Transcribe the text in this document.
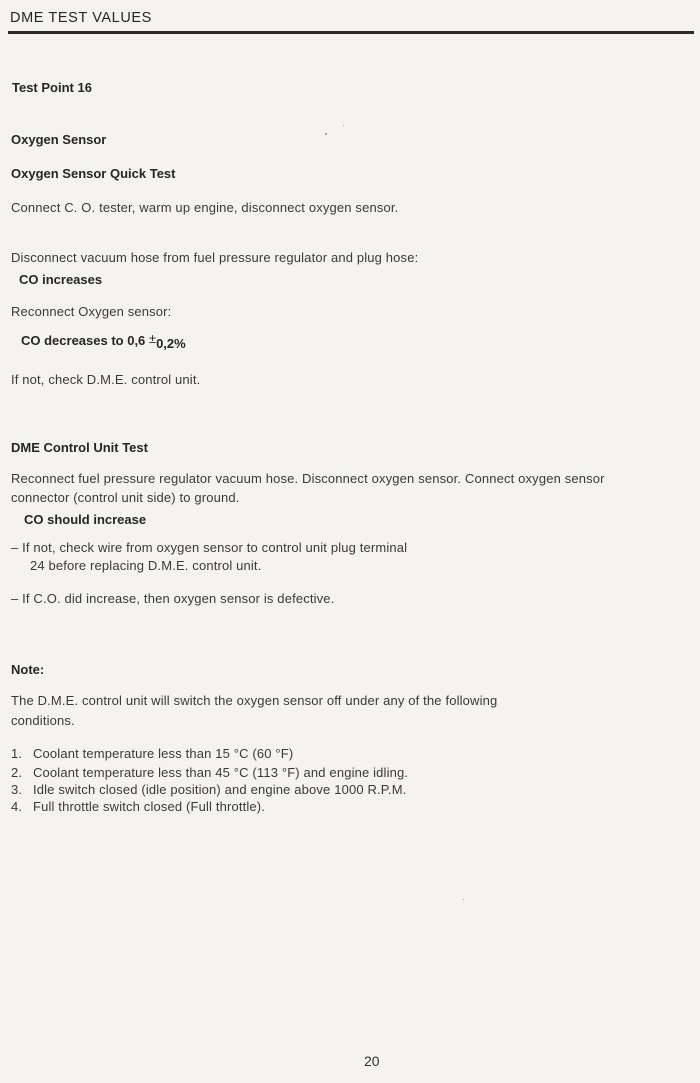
DME TEST VALUES
Test Point 16
Oxygen Sensor
Oxygen Sensor Quick Test
Connect C. O. tester, warm up engine, disconnect oxygen sensor.
Disconnect vacuum hose from fuel pressure regulator and plug hose:
CO increases
Reconnect Oxygen sensor:
CO decreases to 0,6 ±0,2%
If not, check D.M.E. control unit.
DME Control Unit Test
Reconnect fuel pressure regulator vacuum hose. Disconnect oxygen sensor. Connect oxygen sensor
connector (control unit side) to ground.
CO should increase
– If not, check wire from oxygen sensor to control unit plug terminal
24 before replacing D.M.E. control unit.
– If C.O. did increase, then oxygen sensor is defective.
Note:
The D.M.E. control unit will switch the oxygen sensor off under any of the following
conditions.
1. Coolant temperature less than 15 °C (60 °F)
2. Coolant temperature less than 45 °C (113 °F) and engine idling.
3. Idle switch closed (idle position) and engine above 1000 R.P.M.
4. Full throttle switch closed (Full throttle).
20
